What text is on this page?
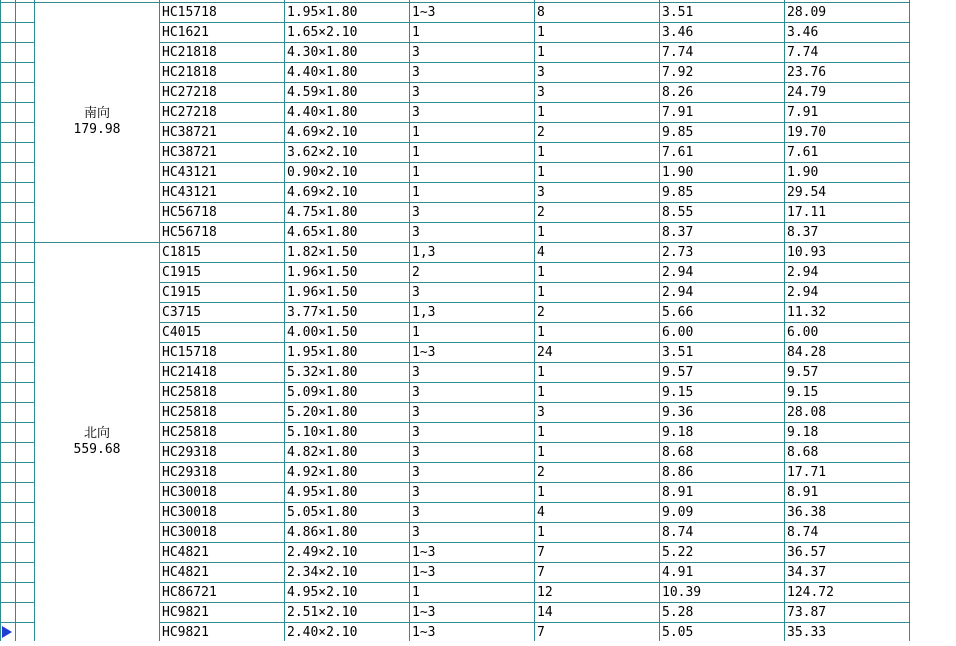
HC15718	1.95×1.80	1~3	8	3.51	28.09
HC1621	1.65×2.10	1	1	3.46	3.46
HC21818	4.30×1.80	3	1	7.74	7.74
HC21818	4.40×1.80	3	3	7.92	23.76
HC27218	4.59×1.80	3	3	8.26	24.79
HC27218	4.40×1.80	3	1	7.91	7.91
HC38721	4.69×2.10	1	2	9.85	19.70
HC38721	3.62×2.10	1	1	7.61	7.61
HC43121	0.90×2.10	1	1	1.90	1.90
HC43121	4.69×2.10	1	3	9.85	29.54
HC56718	4.75×1.80	3	2	8.55	17.11
HC56718	4.65×1.80	3	1	8.37	8.37
C1815	1.82×1.50	1,3	4	2.73	10.93
C1915	1.96×1.50	2	1	2.94	2.94
C1915	1.96×1.50	3	1	2.94	2.94
C3715	3.77×1.50	1,3	2	5.66	11.32
C4015	4.00×1.50	1	1	6.00	6.00
HC15718	1.95×1.80	1~3	24	3.51	84.28
HC21418	5.32×1.80	3	1	9.57	9.57
HC25818	5.09×1.80	3	1	9.15	9.15
HC25818	5.20×1.80	3	3	9.36	28.08
HC25818	5.10×1.80	3	1	9.18	9.18
HC29318	4.82×1.80	3	1	8.68	8.68
HC29318	4.92×1.80	3	2	8.86	17.71
HC30018	4.95×1.80	3	1	8.91	8.91
HC30018	5.05×1.80	3	4	9.09	36.38
HC30018	4.86×1.80	3	1	8.74	8.74
HC4821	2.49×2.10	1~3	7	5.22	36.57
HC4821	2.34×2.10	1~3	7	4.91	34.37
HC86721	4.95×2.10	1	12	10.39	124.72
HC9821	2.51×2.10	1~3	14	5.28	73.87
HC9821	2.40×2.10	1~3	7	5.05	35.33
南向
179.98
北向
559.68
